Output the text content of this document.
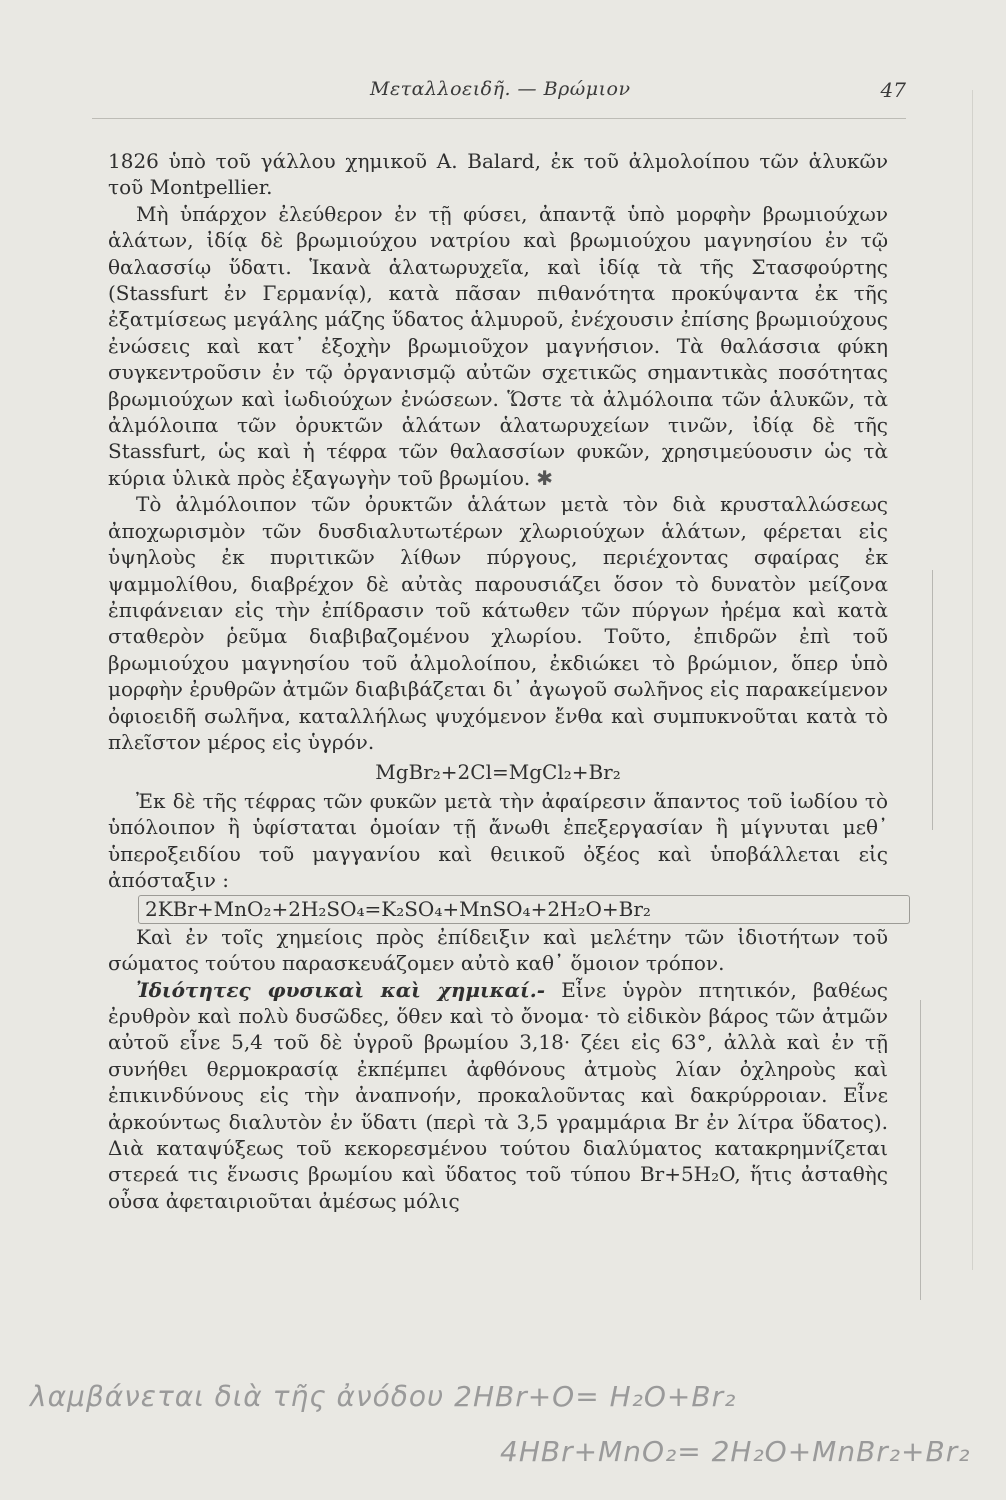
Μεταλλοειδῆ. — Βρώμιον	47

1826 ὑπὸ τοῦ γάλλου χημικοῦ Α. Balard, ἐκ τοῦ ἀλμολοίπου τῶν ἁλυκῶν τοῦ Montpellier.

Μὴ ὑπάρχον ἐλεύθερον ἐν τῇ φύσει, ἀπαντᾷ ὑπὸ μορφὴν βρωμιούχων ἁλάτων, ἰδίᾳ δὲ βρωμιούχου νατρίου καὶ βρωμιούχου μαγνησίου ἐν τῷ θαλασσίῳ ὕδατι. Ἱκανὰ ἁλατωρυχεῖα, καὶ ἰδίᾳ τὰ τῆς Στασφούρτης (Stassfurt ἐν Γερμανίᾳ), κατὰ πᾶσαν πιθανότητα προκύψαντα ἐκ τῆς ἐξατμίσεως μεγάλης μάζης ὕδατος ἁλμυροῦ, ἐνέχουσιν ἐπίσης βρωμιούχους ἐνώσεις καὶ κατ᾿ ἐξοχὴν βρωμιοῦχον μαγνήσιον. Τὰ θαλάσσια φύκη συγκεντροῦσιν ἐν τῷ ὀργανισμῷ αὐτῶν σχετικῶς σημαντικὰς ποσότητας βρωμιούχων καὶ ἰωδιούχων ἐνώσεων. Ὥστε τὰ ἀλμόλοιπα τῶν ἁλυκῶν, τὰ ἀλμόλοιπα τῶν ὀρυκτῶν ἁλάτων ἁλατωρυχείων τινῶν, ἰδίᾳ δὲ τῆς Stassfurt, ὡς καὶ ἡ τέφρα τῶν θαλασσίων φυκῶν, χρησιμεύουσιν ὡς τὰ κύρια ὑλικὰ πρὸς ἐξαγωγὴν τοῦ βρωμίου. ✱

Τὸ ἀλμόλοιπον τῶν ὀρυκτῶν ἁλάτων μετὰ τὸν διὰ κρυσταλλώσεως ἀποχωρισμὸν τῶν δυσδιαλυτωτέρων χλωριούχων ἁλάτων, φέρεται εἰς ὑψηλοὺς ἐκ πυριτικῶν λίθων πύργους, περιέχοντας σφαίρας ἐκ ψαμμολίθου, διαβρέχον δὲ αὐτὰς παρουσιάζει ὅσον τὸ δυνατὸν μείζονα ἐπιφάνειαν εἰς τὴν ἐπίδρασιν τοῦ κάτωθεν τῶν πύργων ἠρέμα καὶ κατὰ σταθερὸν ῥεῦμα διαβιβαζομένου χλωρίου. Τοῦτο, ἐπιδρῶν ἐπὶ τοῦ βρωμιούχου μαγνησίου τοῦ ἀλμολοίπου, ἐκδιώκει τὸ βρώμιον, ὅπερ ὑπὸ μορφὴν ἐρυθρῶν ἀτμῶν διαβιβάζεται δι᾿ ἀγωγοῦ σωλῆνος εἰς παρακείμενον ὀφιοειδῆ σωλῆνα, καταλλήλως ψυχόμενον ἔνθα καὶ συμπυκνοῦται κατὰ τὸ πλεῖστον μέρος εἰς ὑγρόν.

MgBr₂+2Cl=MgCl₂+Br₂

Ἐκ δὲ τῆς τέφρας τῶν φυκῶν μετὰ τὴν ἀφαίρεσιν ἅπαντος τοῦ ἰωδίου τὸ ὑπόλοιπον ἢ ὑφίσταται ὁμοίαν τῇ ἄνωθι ἐπεξεργασίαν ἢ μίγνυται μεθ᾿ ὑπεροξειδίου τοῦ μαγγανίου καὶ θειικοῦ ὀξέος καὶ ὑποβάλλεται εἰς ἀπόσταξιν :

2KBr+MnO₂+2H₂SO₄=K₂SO₄+MnSO₄+2H₂O+Br₂

Καὶ ἐν τοῖς χημείοις πρὸς ἐπίδειξιν καὶ μελέτην τῶν ἰδιοτήτων τοῦ σώματος τούτου παρασκευάζομεν αὐτὸ καθ᾿ ὅμοιον τρόπον.

Ἰδιότητες φυσικαὶ καὶ χημικαί.- Εἶνε ὑγρὸν πτητικόν, βαθέως ἐρυθρὸν καὶ πολὺ δυσῶδες, ὅθεν καὶ τὸ ὄνομα· τὸ εἰδικὸν βάρος τῶν ἀτμῶν αὐτοῦ εἶνε 5,4 τοῦ δὲ ὑγροῦ βρωμίου 3,18· ζέει εἰς 63°, ἀλλὰ καὶ ἐν τῇ συνήθει θερμοκρασίᾳ ἐκπέμπει ἀφθόνους ἀτμοὺς λίαν ὀχληροὺς καὶ ἐπικινδύνους εἰς τὴν ἀναπνοήν, προκαλοῦντας καὶ δακρύρροιαν. Εἶνε ἀρκούντως διαλυτὸν ἐν ὕδατι (περὶ τὰ 3,5 γραμμάρια Br ἐν λίτρα ὕδατος). Διὰ καταψύξεως τοῦ κεκορεσμένου τούτου διαλύματος κατακρημνίζεται στερεά τις ἕνωσις βρωμίου καὶ ὕδατος τοῦ τύπου Br+5H₂O, ἥτις ἀσταθὴς οὖσα ἀφεταιριοῦται ἀμέσως μόλις

λαμβάνεται διὰ τῆς ἀνόδου 2HBr+O= H₂O+Br₂
4HBr+MnO₂= 2H₂O+MnBr₂+Br₂
